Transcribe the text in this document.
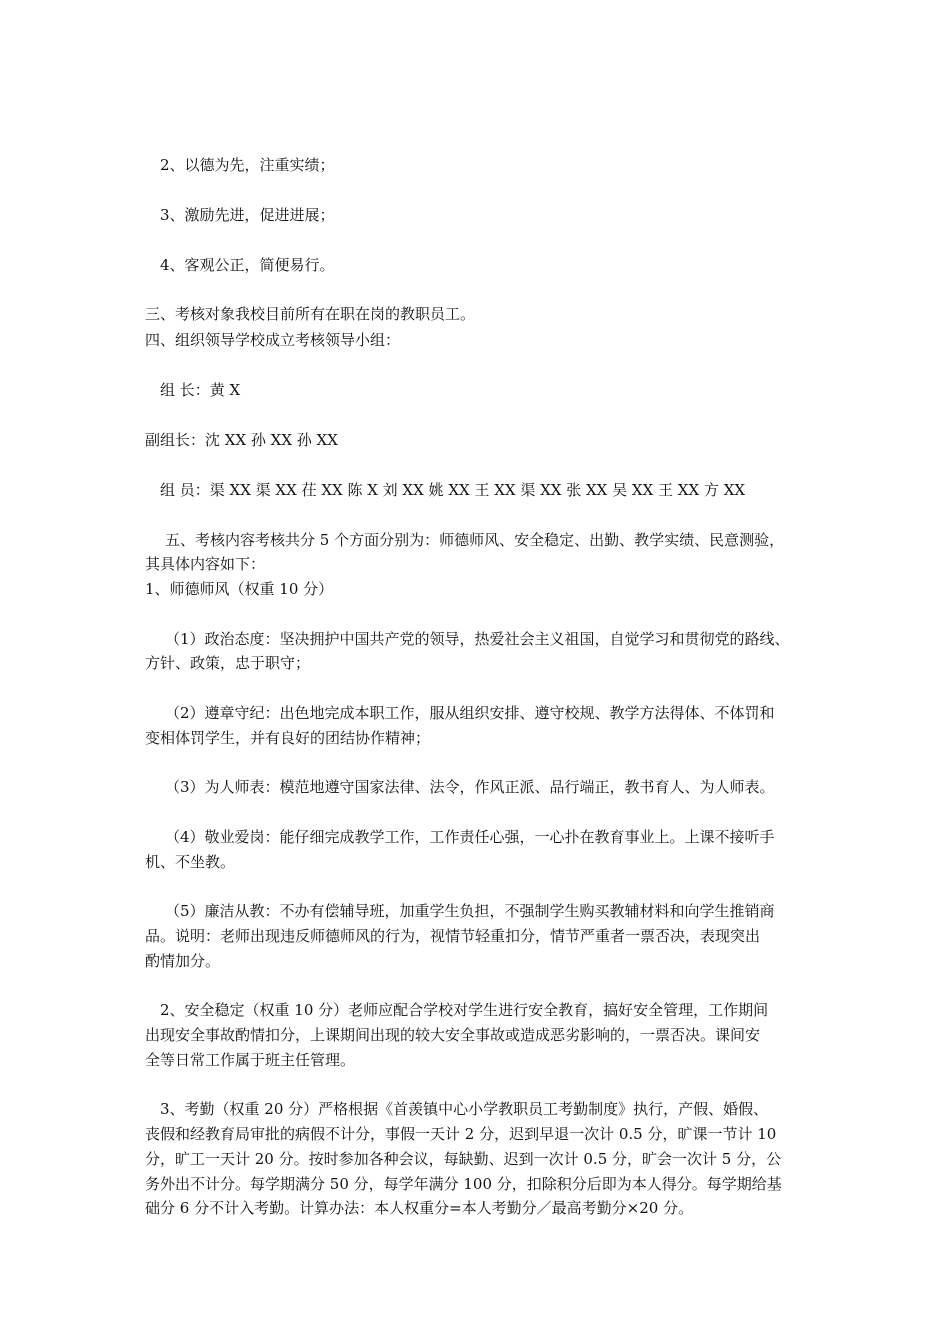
2、以德为先，注重实绩；
3、激励先进，促进进展；
4、客观公正，简便易行。
三、考核对象我校目前所有在职在岗的教职员工。
四、组织领导学校成立考核领导小组：
组 长：黄 X
副组长：沈 XX 孙 XX 孙 XX
组 员：渠 XX 渠 XX 茌 XX 陈 X 刘 XX 姚 XX 王 XX 渠 XX 张 XX 吴 XX 王 XX 方 XX
五、考核内容考核共分 5 个方面分别为：师德师风、安全稳定、出勤、教学实绩、民意测验，
其具体内容如下：
1、师德师风（权重 10 分）
（1）政治态度：坚决拥护中国共产党的领导，热爱社会主义祖国，自觉学习和贯彻党的路线、
方针、政策，忠于职守；
（2）遵章守纪：出色地完成本职工作，服从组织安排、遵守校规、教学方法得体、不体罚和
变相体罚学生，并有良好的团结协作精神；
（3）为人师表：模范地遵守国家法律、法令，作风正派、品行端正，教书育人、为人师表。
（4）敬业爱岗：能仔细完成教学工作，工作责任心强，一心扑在教育事业上。上课不接听手
机、不坐教。
（5）廉洁从教：不办有偿辅导班，加重学生负担，不强制学生购买教辅材料和向学生推销商
品。说明：老师出现违反师德师风的行为，视情节轻重扣分，情节严重者一票否决，表现突出
酌情加分。
2、安全稳定（权重 10 分）老师应配合学校对学生进行安全教育，搞好安全管理，工作期间
出现安全事故酌情扣分，上课期间出现的较大安全事故或造成恶劣影响的，一票否决。课间安
全等日常工作属于班主任管理。
3、考勤（权重 20 分）严格根据《首羡镇中心小学教职员工考勤制度》执行，产假、婚假、
丧假和经教育局审批的病假不计分，事假一天计 2 分，迟到早退一次计 0.5 分，旷课一节计 10
分，旷工一天计 20 分。按时参加各种会议，每缺勤、迟到一次计 0.5 分，旷会一次计 5 分，公
务外出不计分。每学期满分 50 分，每学年满分 100 分，扣除积分后即为本人得分。每学期给基
础分 6 分不计入考勤。计算办法：本人权重分=本人考勤分／最高考勤分×20 分。
